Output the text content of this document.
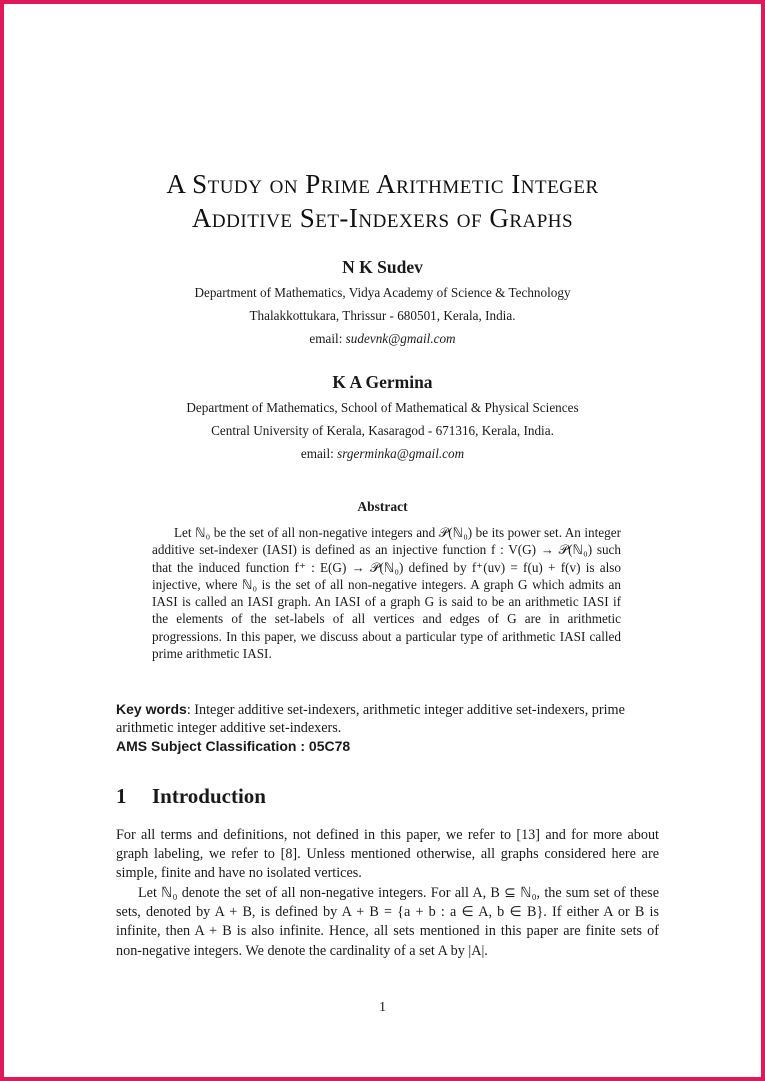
A Study on Prime Arithmetic Integer
Additive Set-Indexers of Graphs
N K Sudev
Department of Mathematics, Vidya Academy of Science & Technology
Thalakkottukara, Thrissur - 680501, Kerala, India.
email: sudevnk@gmail.com
K A Germina
Department of Mathematics, School of Mathematical & Physical Sciences
Central University of Kerala, Kasaragod - 671316, Kerala, India.
email: srgerminka@gmail.com
Abstract
Let ℕ₀ be the set of all non-negative integers and 𝒫(ℕ₀) be its power set. An integer additive set-indexer (IASI) is defined as an injective function f : V(G) → 𝒫(ℕ₀) such that the induced function f⁺ : E(G) → 𝒫(ℕ₀) defined by f⁺(uv) = f(u) + f(v) is also injective, where ℕ₀ is the set of all non-negative integers. A graph G which admits an IASI is called an IASI graph. An IASI of a graph G is said to be an arithmetic IASI if the elements of the set-labels of all vertices and edges of G are in arithmetic progressions. In this paper, we discuss about a particular type of arithmetic IASI called prime arithmetic IASI.
Key words: Integer additive set-indexers, arithmetic integer additive set-indexers, prime arithmetic integer additive set-indexers.
AMS Subject Classification : 05C78
1 Introduction
For all terms and definitions, not defined in this paper, we refer to [13] and for more about graph labeling, we refer to [8]. Unless mentioned otherwise, all graphs considered here are simple, finite and have no isolated vertices.
Let ℕ₀ denote the set of all non-negative integers. For all A, B ⊆ ℕ₀, the sum set of these sets, denoted by A + B, is defined by A + B = {a + b : a ∈ A, b ∈ B}. If either A or B is infinite, then A + B is also infinite. Hence, all sets mentioned in this paper are finite sets of non-negative integers. We denote the cardinality of a set A by |A|.
1
